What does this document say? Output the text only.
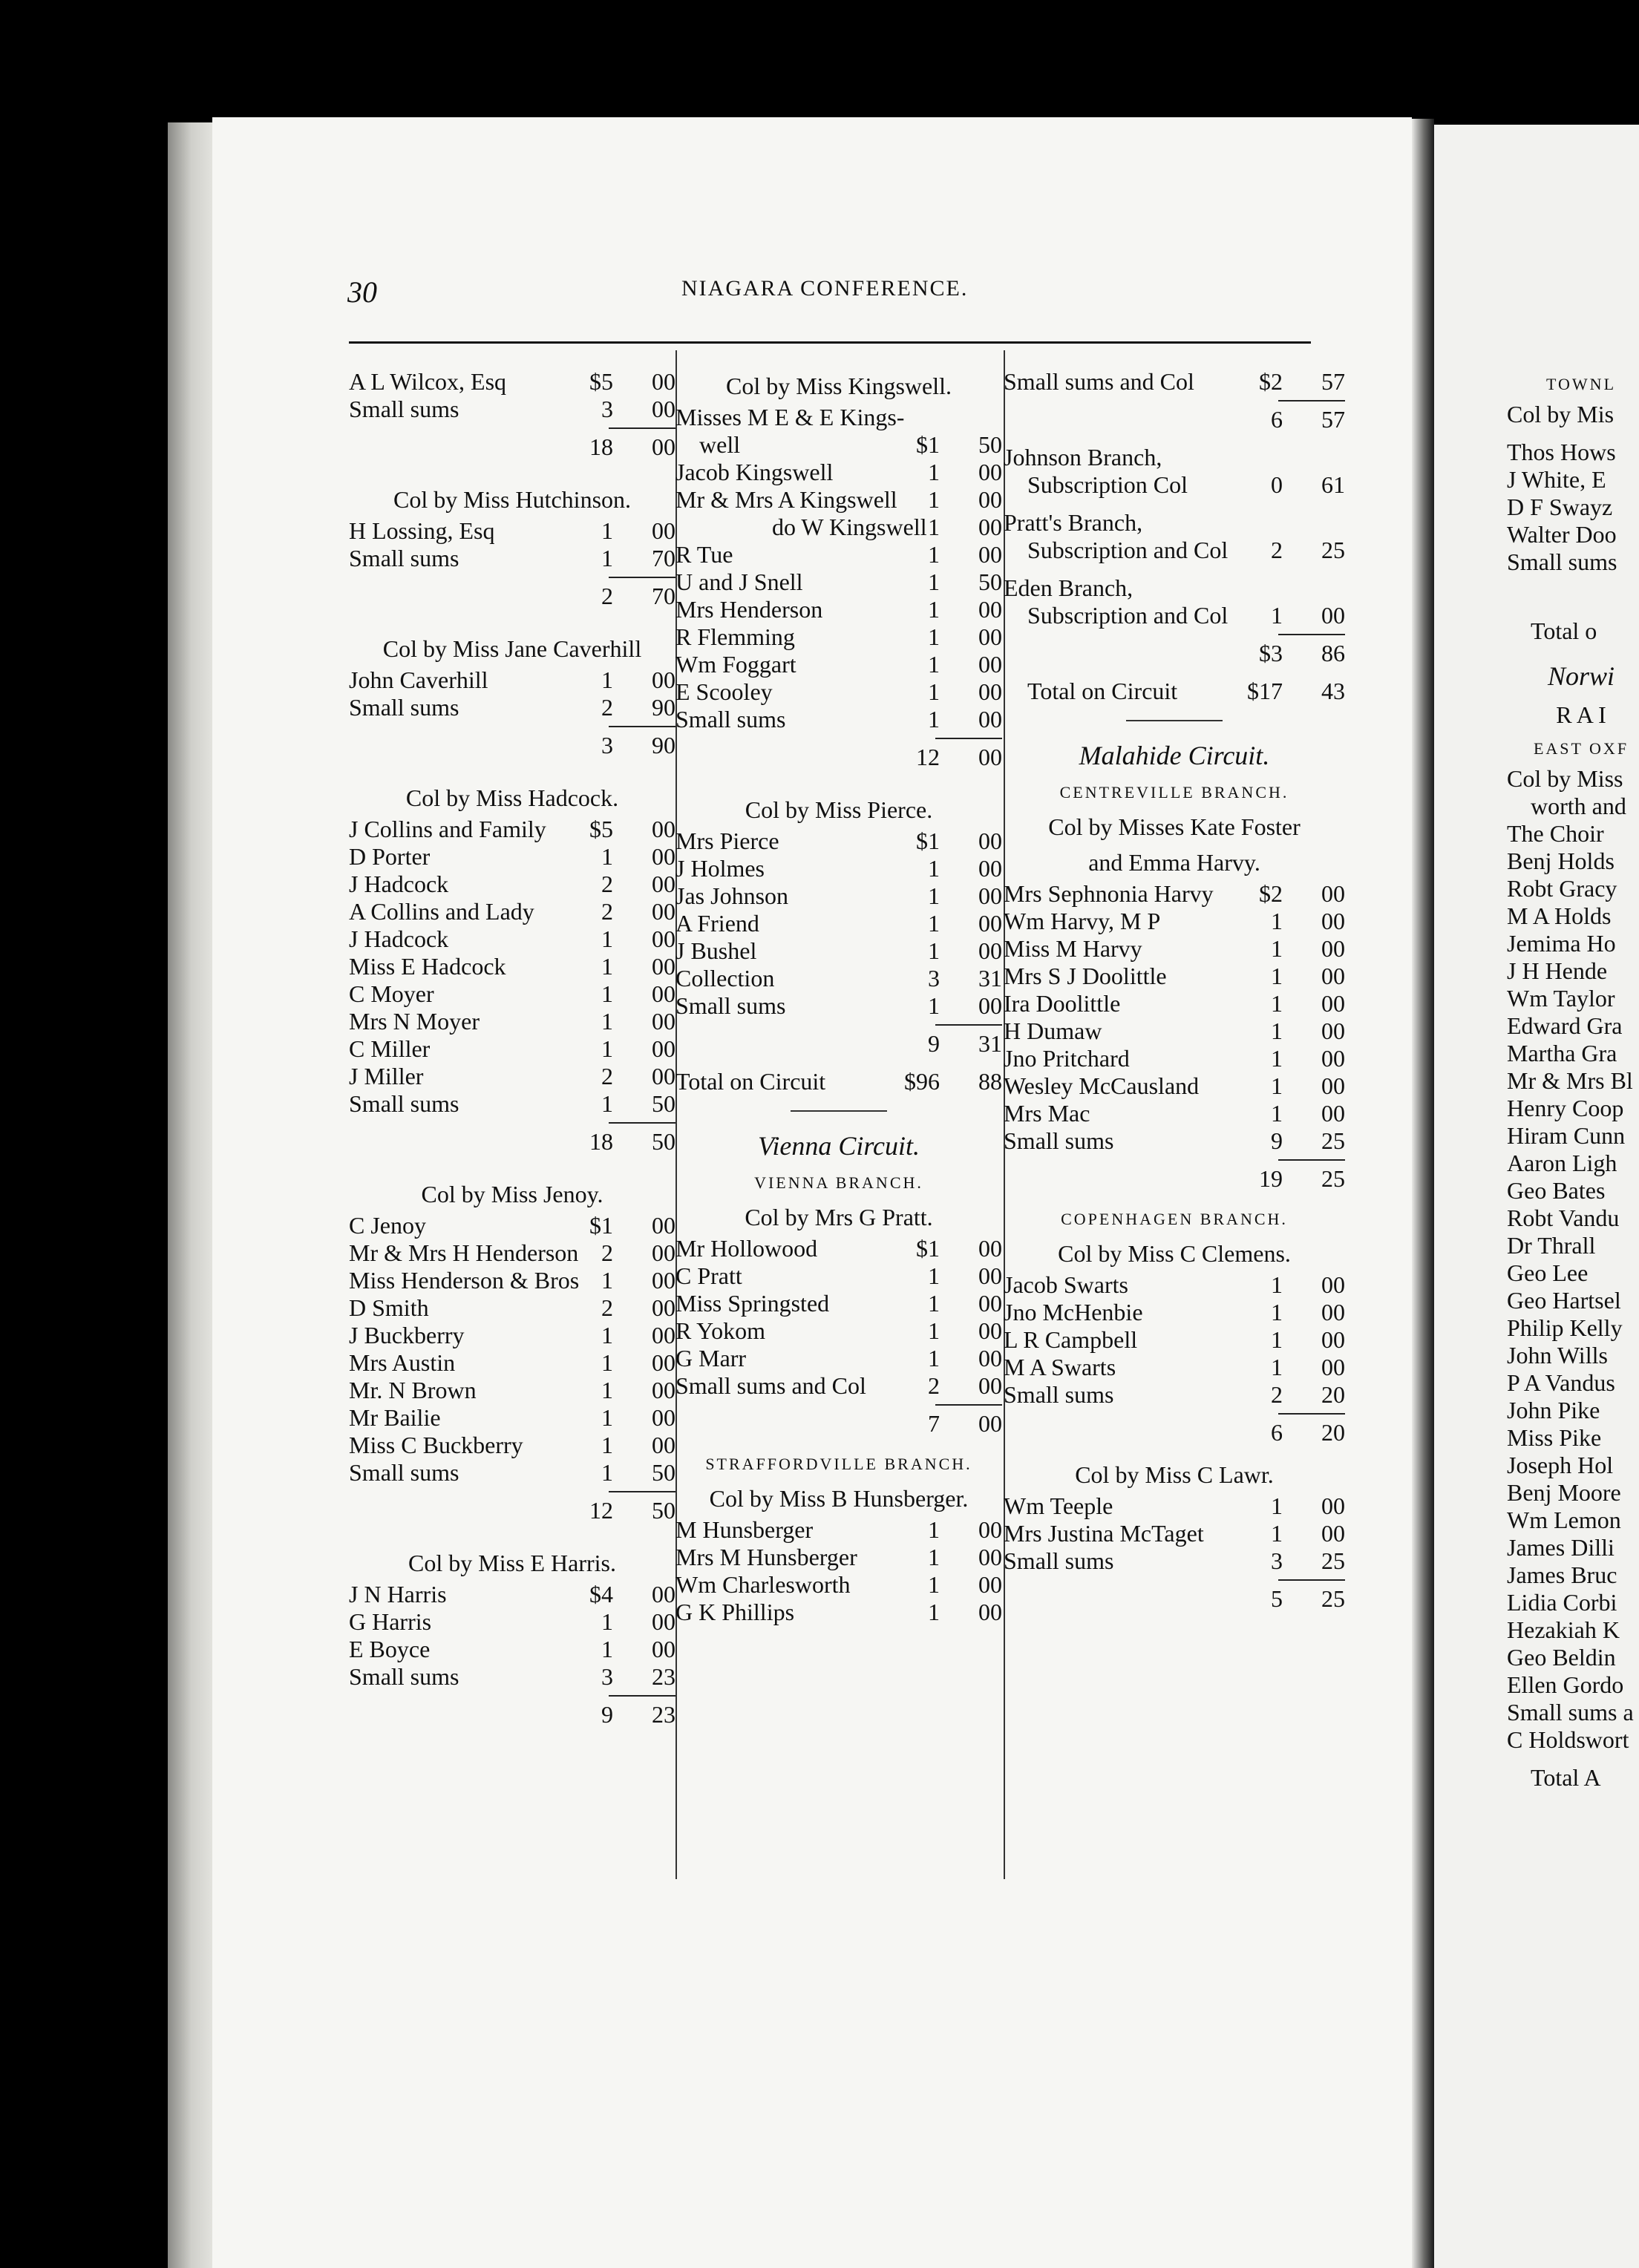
30	NIAGARA CONFERENCE.
A L Wilcox, Esq	$5	00
Small sums	3	00
18	00
Col by Miss Hutchinson.
H Lossing, Esq	1	00
Small sums	1	70
2	70
Col by Miss Jane Caverhill
John Caverhill	1	00
Small sums	2	90
3	90
Col by Miss Hadcock.
J Collins and Family $5	00
D Porter	1	00
J Hadcock	2	00
A Collins and Lady	2	00
J Hadcock	1	00
Miss E Hadcock	1	00
C Moyer	1	00
Mrs N Moyer	1	00
C Miller	1	00
J Miller	2	00
Small sums	1	50
18	50
Col by Miss Jenoy.
C Jenoy	$1	00
Mr & Mrs H Henderson 2	00
Miss Henderson & Bros 1	00
D Smith	2	00
J Buckberry	1	00
Mrs Austin	1	00
Mr. N Brown	1	00
Mr Bailie	1	00
Miss C Buckberry	1	00
Small sums	1	50
12	50
Col by Miss E Harris.
J N Harris	$4	00
G Harris	1	00
E Boyce	1	00
Small sums	3	23
9	23
Col by Miss Kingswell.
Misses M E & E Kings-
well	$1	50
Jacob Kingswell	1	00
Mr & Mrs A Kingswell 1	00
do W Kingswell 1	00
R Tue	1	00
U and J Snell	1	50
Mrs Henderson	1	00
R Flemming	1	00
Wm Foggart	1	00
E Scooley	1	00
Small sums	1	00
12	00
Col by Miss Pierce.
Mrs Pierce	$1	00
J Holmes	1	00
Jas Johnson	1	00
A Friend	1	00
J Bushel	1	00
Collection	3	31
Small sums	1	00
9	31
Total on Circuit	$96	88
Vienna Circuit.
VIENNA BRANCH.
Col by Mrs G Pratt.
Mr Hollowood	$1	00
C Pratt	1	00
Miss Springsted	1	00
R Yokom	1	00
G Marr	1	00
Small sums and Col	2	00
7	00
STRAFFORDVILLE BRANCH.
Col by Miss B Hunsberger.
M Hunsberger	1	00
Mrs M Hunsberger	1	00
Wm Charlesworth	1	00
G K Phillips	1	00
Small sums and Col	$2	57
6	57
Johnson Branch,
Subscription Col	0	61
Pratt's Branch,
Subscription and Col 2	25
Eden Branch,
Subscription and Col 1	00
$3	86
Total on Circuit	$17	43
Malahide Circuit.
CENTREVILLE BRANCH.
Col by Misses Kate Foster
and Emma Harvy.
Mrs Sephnonia Harvy $2	00
Wm Harvy, M P	1	00
Miss M Harvy	1	00
Mrs S J Doolittle	1	00
Ira Doolittle	1	00
H Dumaw	1	00
Jno Pritchard	1	00
Wesley McCausland	1	00
Mrs Mac	1	00
Small sums	9	25
19	25
COPENHAGEN BRANCH.
Col by Miss C Clemens.
Jacob Swarts	1	00
Jno McHenbie	1	00
L R Campbell	1	00
M A Swarts	1	00
Small sums	2	20
6	20
Col by Miss C Lawr.
Wm Teeple	1	00
Mrs Justina McTaget	1	00
Small sums	3	25
5	25
TOWNL
Col by Mis
Thos Hows
J White, E
D F Swayz
Walter Doo
Small sums
Total o
Norwi
R A I
EAST OXF
Col by Miss
worth and
The Choir
Benj Holds
Robt Gracy
M A Holds
Jemima Ho
J H Hende
Wm Taylor
Edward Gra
Martha Gra
Mr & Mrs Bl
Henry Coop
Hiram Cunn
Aaron Ligh
Geo Bates
Robt Vandu
Dr Thrall
Geo Lee
Geo Hartsel
Philip Kelly
John Wills
P A Vandus
John Pike
Miss Pike
Joseph Hol
Benj Moore
Wm Lemon
James Dilli
James Bruc
Lidia Corbi
Hezakiah K
Geo Beldin
Ellen Gordo
Small sums a
C Holdswort
Total A
